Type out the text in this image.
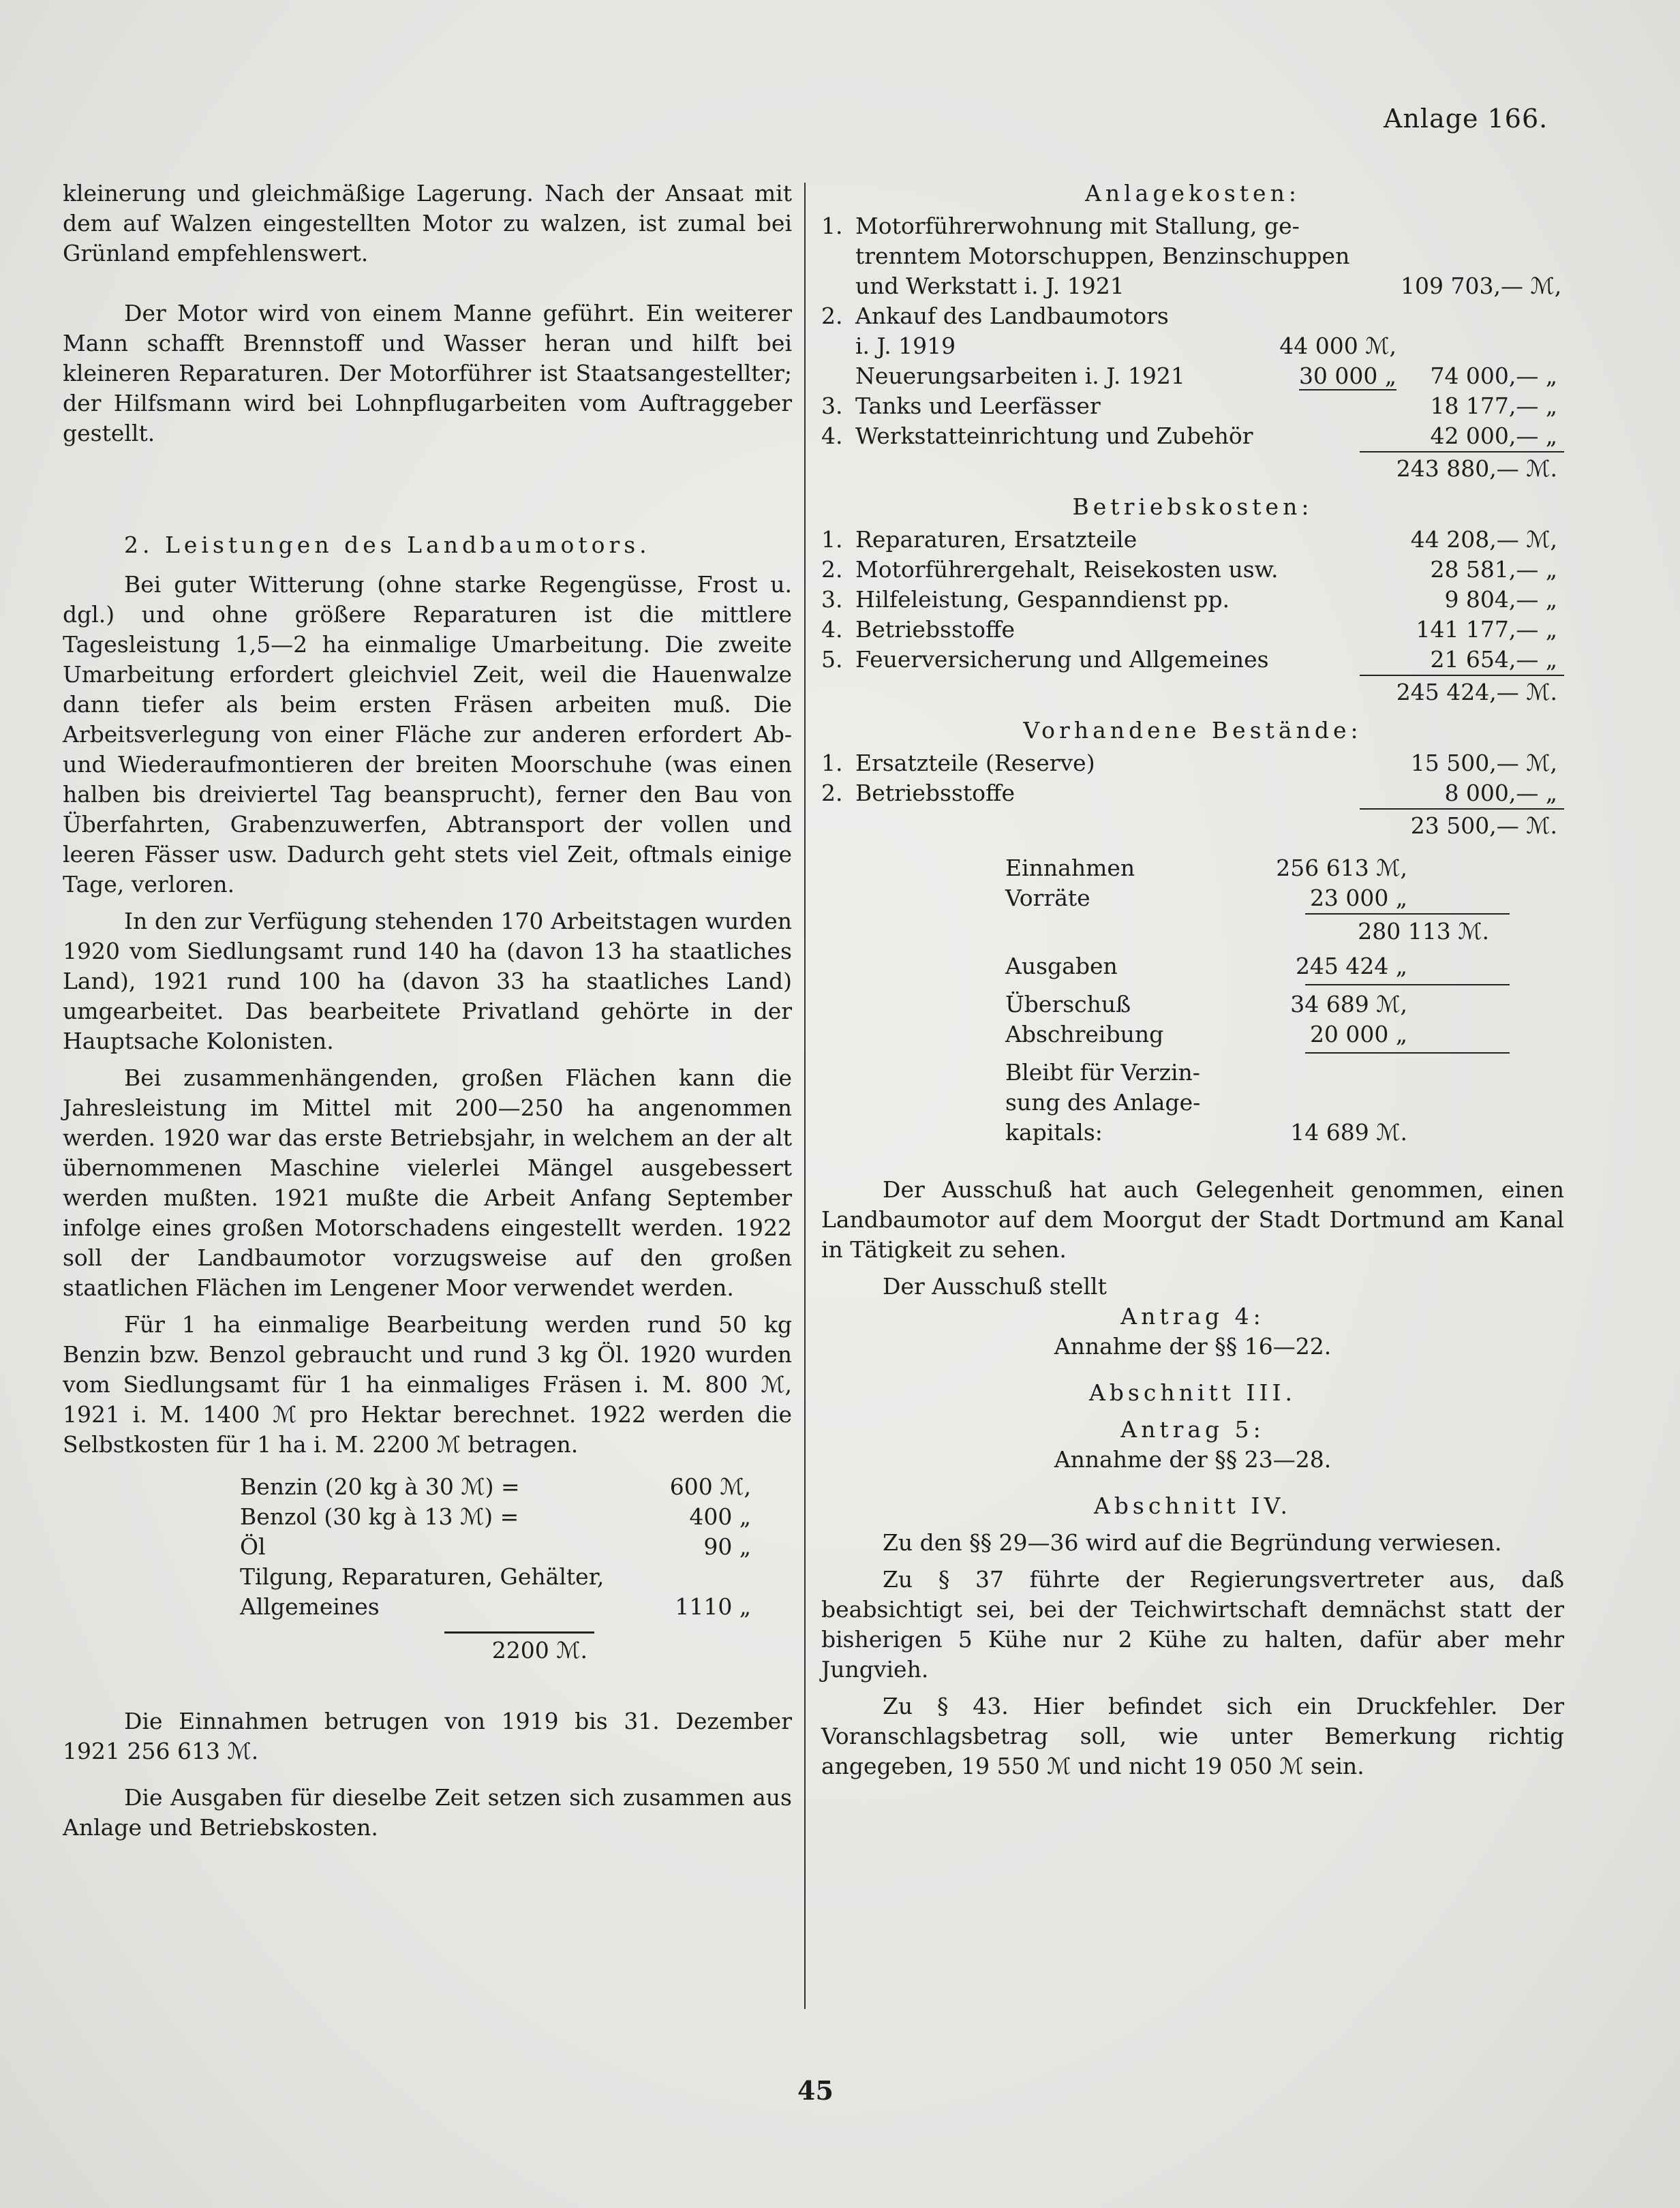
Anlage 166.

kleinerung und gleichmäßige Lagerung. Nach der Ansaat mit dem auf Walzen eingestellten Motor zu walzen, ist zumal bei Grünland empfehlenswert.

Der Motor wird von einem Manne geführt. Ein weiterer Mann schafft Brennstoff und Wasser heran und hilft bei kleineren Reparaturen. Der Motorführer ist Staatsangestellter; der Hilfsmann wird bei Lohnpflugarbeiten vom Auftraggeber gestellt.

2. Leistungen des Landbaumotors.

Bei guter Witterung (ohne starke Regengüsse, Frost u. dgl.) und ohne größere Reparaturen ist die mittlere Tagesleistung 1,5—2 ha einmalige Umarbeitung. Die zweite Umarbeitung erfordert gleichviel Zeit, weil die Hauenwalze dann tiefer als beim ersten Fräsen arbeiten muß. Die Arbeitsverlegung von einer Fläche zur anderen erfordert Ab- und Wiederaufmontieren der breiten Moorschuhe (was einen halben bis dreiviertel Tag beansprucht), ferner den Bau von Überfahrten, Grabenzuwerfen, Abtransport der vollen und leeren Fässer usw. Dadurch geht stets viel Zeit, oftmals einige Tage, verloren.

In den zur Verfügung stehenden 170 Arbeitstagen wurden 1920 vom Siedlungsamt rund 140 ha (davon 13 ha staatliches Land), 1921 rund 100 ha (davon 33 ha staatliches Land) umgearbeitet. Das bearbeitete Privatland gehörte in der Hauptsache Kolonisten.

Bei zusammenhängenden, großen Flächen kann die Jahresleistung im Mittel mit 200—250 ha angenommen werden. 1920 war das erste Betriebsjahr, in welchem an der alt übernommenen Maschine vielerlei Mängel ausgebessert werden mußten. 1921 mußte die Arbeit Anfang September infolge eines großen Motorschadens eingestellt werden. 1922 soll der Landbaumotor vorzugsweise auf den großen staatlichen Flächen im Lengener Moor verwendet werden.

Für 1 ha einmalige Bearbeitung werden rund 50 kg Benzin bzw. Benzol gebraucht und rund 3 kg Öl. 1920 wurden vom Siedlungsamt für 1 ha einmaliges Fräsen i. M. 800 ℳ, 1921 i. M. 1400 ℳ pro Hektar berechnet. 1922 werden die Selbstkosten für 1 ha i. M. 2200 ℳ betragen.

Benzin (20 kg à 30 ℳ) =	600 ℳ,
Benzol (30 kg à 13 ℳ) =	400 „
Öl	90 „
Tilgung, Reparaturen, Gehälter,
Allgemeines	1110 „
2200 ℳ.

Die Einnahmen betrugen von 1919 bis 31. Dezember 1921 256 613 ℳ.

Die Ausgaben für dieselbe Zeit setzen sich zusammen aus Anlage und Betriebskosten.

Anlagekosten:
1. Motorführerwohnung mit Stallung, ge-
trenntem Motorschuppen, Benzinschuppen
und Werkstatt i. J. 1921	109 703,— ℳ,
2. Ankauf des Landbaumotors
i. J. 1919	44 000 ℳ,
Neuerungsarbeiten i. J. 1921	30 000 „	74 000,— „
3. Tanks und Leerfässer	18 177,— „
4. Werkstatteinrichtung und Zubehör	42 000,— „
243 880,— ℳ.
Betriebskosten:
1. Reparaturen, Ersatzteile	44 208,— ℳ,
2. Motorführergehalt, Reisekosten usw.	28 581,— „
3. Hilfeleistung, Gespanndienst pp.	9 804,— „
4. Betriebsstoffe	141 177,— „
5. Feuerversicherung und Allgemeines	21 654,— „
245 424,— ℳ.
Vorhandene Bestände:
1. Ersatzteile (Reserve)	15 500,— ℳ,
2. Betriebsstoffe	8 000,— „
23 500,— ℳ.
Einnahmen	256 613 ℳ,
Vorräte	23 000 „
280 113 ℳ.
Ausgaben	245 424 „
Überschuß	34 689 ℳ,
Abschreibung	20 000 „
Bleibt für Verzin-
sung des Anlage-
kapitals:	14 689 ℳ.

Der Ausschuß hat auch Gelegenheit genommen, einen Landbaumotor auf dem Moorgut der Stadt Dortmund am Kanal in Tätigkeit zu sehen.

Der Ausschuß stellt

Antrag 4:
Annahme der §§ 16—22.
Abschnitt III.
Antrag 5:
Annahme der §§ 23—28.
Abschnitt IV.

Zu den §§ 29—36 wird auf die Begründung verwiesen.

Zu § 37 führte der Regierungsvertreter aus, daß beabsichtigt sei, bei der Teichwirtschaft demnächst statt der bisherigen 5 Kühe nur 2 Kühe zu halten, dafür aber mehr Jungvieh.

Zu § 43. Hier befindet sich ein Druckfehler. Der Voranschlagsbetrag soll, wie unter Bemerkung richtig angegeben, 19 550 ℳ und nicht 19 050 ℳ sein.

45
